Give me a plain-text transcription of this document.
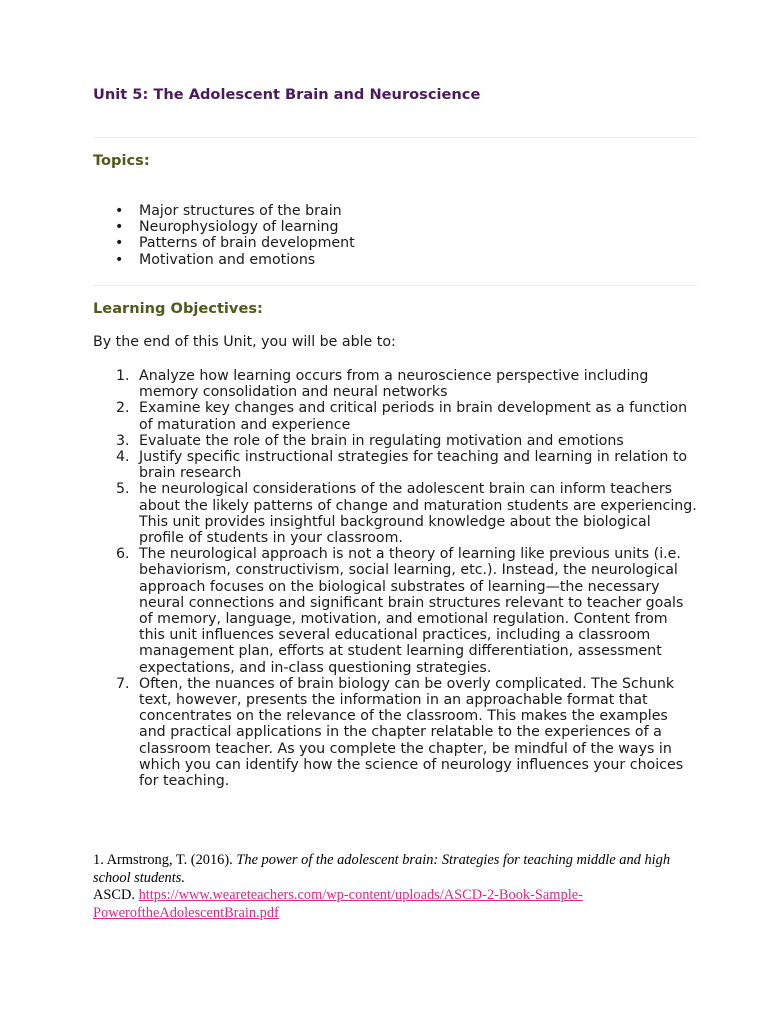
Unit 5: The Adolescent Brain and Neuroscience
Topics:
• Major structures of the brain
• Neurophysiology of learning
• Patterns of brain development
• Motivation and emotions
Learning Objectives:

By the end of this Unit, you will be able to:

1. Analyze how learning occurs from a neuroscience perspective including memory consolidation and neural networks
2. Examine key changes and critical periods in brain development as a function of maturation and experience
3. Evaluate the role of the brain in regulating motivation and emotions
4. Justify specific instructional strategies for teaching and learning in relation to brain research
5. he neurological considerations of the adolescent brain can inform teachers about the likely patterns of change and maturation students are experiencing. This unit provides insightful background knowledge about the biological profile of students in your classroom.
6. The neurological approach is not a theory of learning like previous units (i.e. behaviorism, constructivism, social learning, etc.). Instead, the neurological approach focuses on the biological substrates of learning—the necessary neural connections and significant brain structures relevant to teacher goals of memory, language, motivation, and emotional regulation. Content from this unit influences several educational practices, including a classroom management plan, efforts at student learning differentiation, assessment expectations, and in-class questioning strategies.
7. Often, the nuances of brain biology can be overly complicated. The Schunk text, however, presents the information in an approachable format that concentrates on the relevance of the classroom. This makes the examples and practical applications in the chapter relatable to the experiences of a classroom teacher. As you complete the chapter, be mindful of the ways in which you can identify how the science of neurology influences your choices for teaching.
1. Armstrong, T. (2016). The power of the adolescent brain: Strategies for teaching middle and high school students.
ASCD. https://www.weareteachers.com/wp-content/uploads/ASCD-2-Book-Sample-
PoweroftheAdolescentBrain.pdf
